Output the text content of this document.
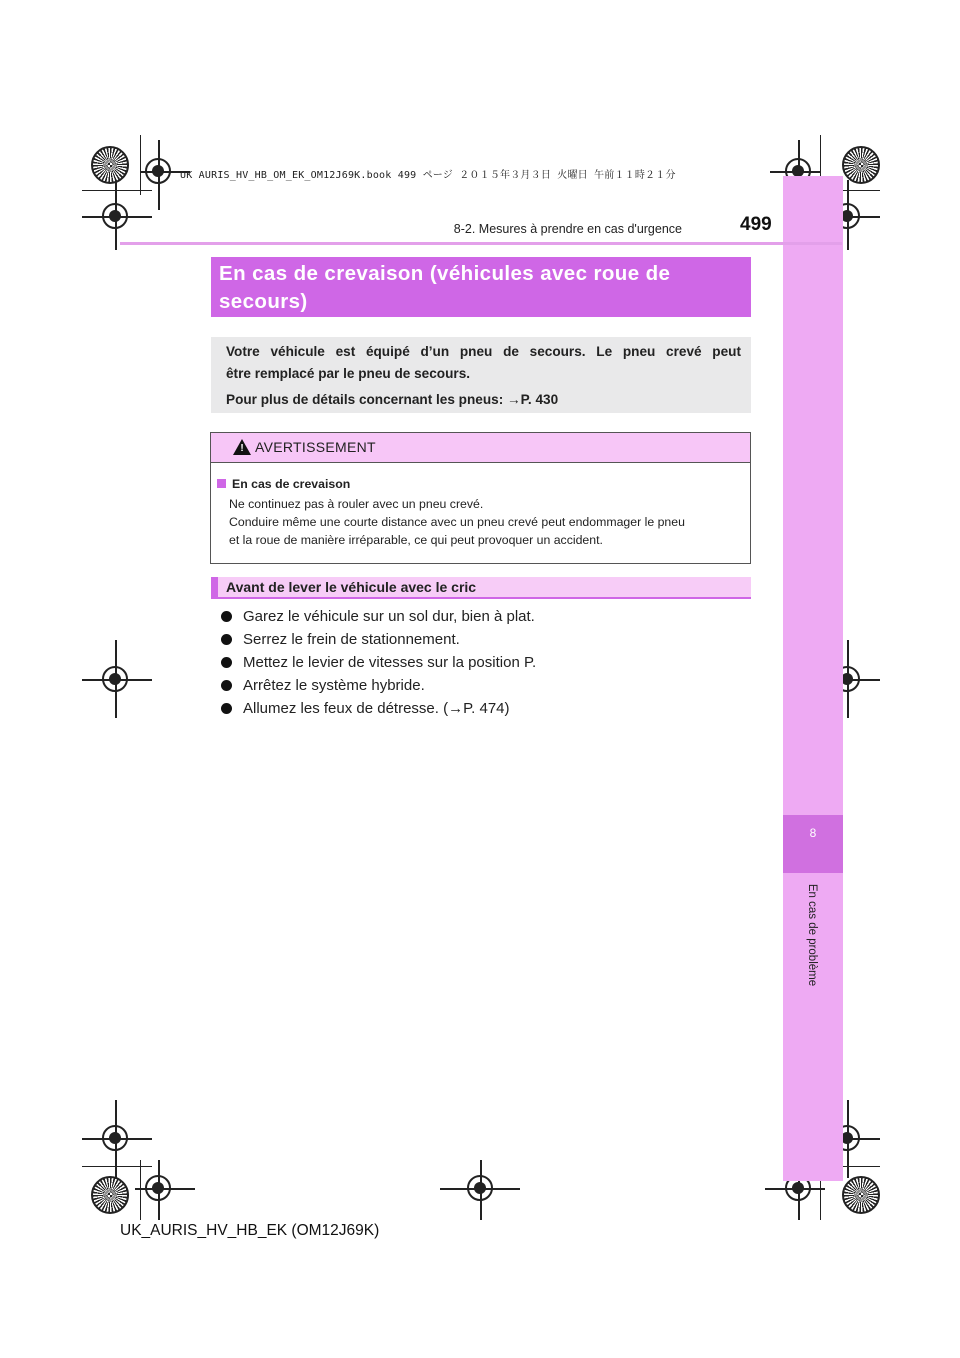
UK AURIS_HV_HB_OM_EK_OM12J69K.book 499 ページ ２０１５年３月３日 火曜日 午前１１時２１分
8
En cas de problème
8-2. Mesures à prendre en cas d'urgence	499
En cas de crevaison (véhicules avec roue de secours)

Votre véhicule est équipé d’un pneu de secours. Le pneu crevé peut

être remplacé par le pneu de secours.

Pour plus de détails concernant les pneus: →P. 430

! AVERTISSEMENT
En cas de crevaison
Ne continuez pas à rouler avec un pneu crevé.
Conduire même une courte distance avec un pneu crevé peut endommager le pneu
et la roue de manière irréparable, ce qui peut provoquer un accident.
Avant de lever le véhicule avec le cric
Garez le véhicule sur un sol dur, bien à plat.
Serrez le frein de stationnement.
Mettez le levier de vitesses sur la position P.
Arrêtez le système hybride.
Allumez les feux de détresse. (→P. 474)
UK_AURIS_HV_HB_EK (OM12J69K)
